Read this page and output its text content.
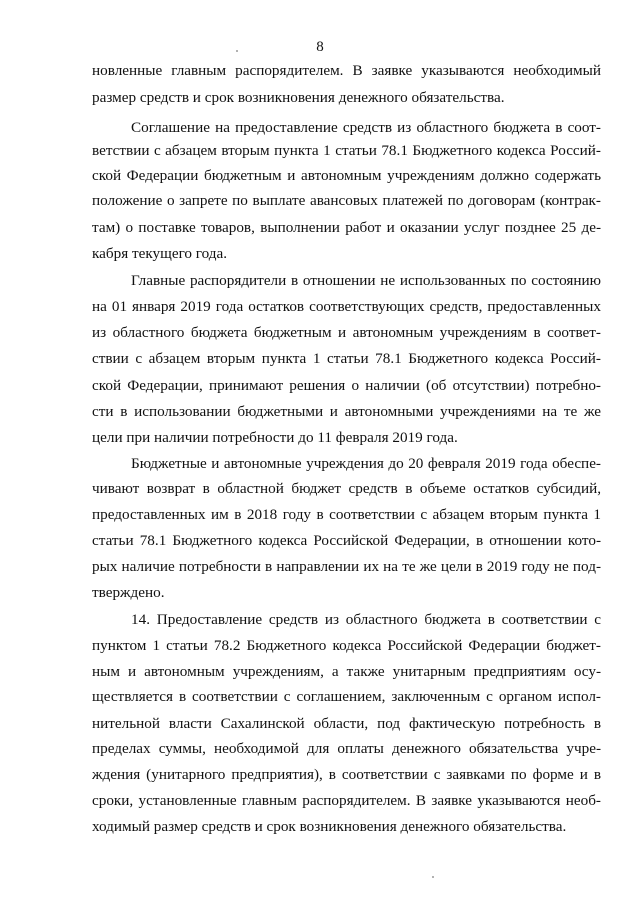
8
новленные главным распорядителем. В заявке указываются необходимый
размер средств и срок возникновения денежного обязательства.
Соглашение на предоставление средств из областного бюджета в соот-
ветствии с абзацем вторым пункта 1 статьи 78.1 Бюджетного кодекса Россий-
ской Федерации бюджетным и автономным учреждениям должно содержать
положение о запрете по выплате авансовых платежей по договорам (контрак-
там) о поставке товаров, выполнении работ и оказании услуг позднее 25 де-
кабря текущего года.
Главные распорядители в отношении не использованных по состоянию
на 01 января 2019 года остатков соответствующих средств, предоставленных
из областного бюджета бюджетным и автономным учреждениям в соответ-
ствии с абзацем вторым пункта 1 статьи 78.1 Бюджетного кодекса Россий-
ской Федерации, принимают решения о наличии (об отсутствии) потребно-
сти в использовании бюджетными и автономными учреждениями на те же
цели при наличии потребности до 11 февраля 2019 года.
Бюджетные и автономные учреждения до 20 февраля 2019 года обеспе-
чивают возврат в областной бюджет средств в объеме остатков субсидий,
предоставленных им в 2018 году в соответствии с абзацем вторым пункта 1
статьи 78.1 Бюджетного кодекса Российской Федерации, в отношении кото-
рых наличие потребности в направлении их на те же цели в 2019 году не под-
тверждено.
14. Предоставление средств из областного бюджета в соответствии с
пунктом 1 статьи 78.2 Бюджетного кодекса Российской Федерации бюджет-
ным и автономным учреждениям, а также унитарным предприятиям осу-
ществляется в соответствии с соглашением, заключенным с органом испол-
нительной власти Сахалинской области, под фактическую потребность в
пределах суммы, необходимой для оплаты денежного обязательства учре-
ждения (унитарного предприятия), в соответствии с заявками по форме и в
сроки, установленные главным распорядителем. В заявке указываются необ-
ходимый размер средств и срок возникновения денежного обязательства.
